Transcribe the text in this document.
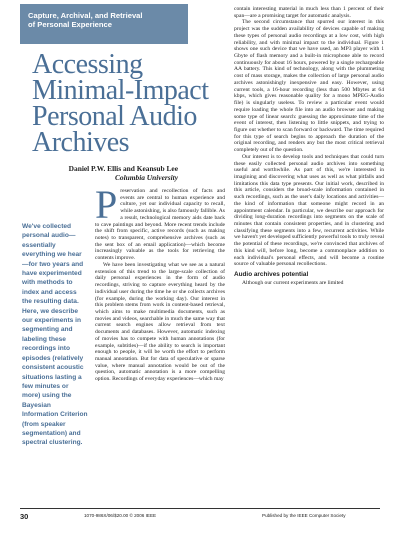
Capture, Archival, and Retrieval
of Personal Experience
Accessing
Minimal-Impact
Personal Audio
Archives
Daniel P.W. Ellis and Keansub Lee
Columbia University
We've collected personal audio—essentially everything we hear—for two years and have experimented with methods to index and access the resulting data. Here, we describe our experiments in segmenting and labeling these recordings into episodes (relatively consistent acoustic situations lasting a few minutes or more) using the Bayesian Information Criterion (from speaker segmentation) and spectral clustering.

Preservation and recollection of facts and events are central to human experience and culture, yet our individual capacity to recall, while astonishing, is also famously fallible. As a result, technological memory aids date back to cave paintings and beyond. More recent trends include the shift from specific, active records (such as making notes) to transparent, comprehensive archives (such as the sent box of an email application)—which become increasingly valuable as the tools for retrieving the contents improve.

We have been investigating what we see as a natural extension of this trend to the large-scale collection of daily personal experiences in the form of audio recordings, striving to capture everything heard by the individual user during the time he or she collects archives (for example, during the working day). Our interest in this problem stems from work in content-based retrieval, which aims to make multimedia documents, such as movies and videos, searchable in much the same way that current search engines allow retrieval from text documents and databases. However, automatic indexing of movies has to compete with human annotations (for example, subtitles)—if the ability to search is important enough to people, it will be worth the effort to perform manual annotation. But for data of speculative or sparse value, where manual annotation would be out of the question, automatic annotation is a more compelling option. Recordings of everyday experiences—which may

contain interesting material in much less than 1 percent of their span—are a promising target for automatic analysis.

The second circumstance that spurred our interest in this project was the sudden availability of devices capable of making these types of personal audio recordings at a low cost, with high reliability, and with minimal impact to the individual. Figure 1 shows one such device that we have used, an MP3 player with 1 Gbyte of flash memory and a built-in microphone able to record continuously for about 16 hours, powered by a single rechargeable AA battery. This kind of technology, along with the plummeting cost of mass storage, makes the collection of large personal audio archives astonishingly inexpensive and easy. However, using current tools, a 16-hour recording (less than 500 Mbytes at 64 kbps, which gives reasonable quality for a mono MPEG-Audio file) is singularly useless. To review a particular event would require loading the whole file into an audio browser and making some type of linear search: guessing the approximate time of the event of interest, then listening to little snippets, and trying to figure out whether to scan forward or backward. The time required for this type of search begins to approach the duration of the original recording, and renders any but the most critical retrieval completely out of the question.

Our interest is to develop tools and techniques that could turn these easily collected personal audio archives into something useful and worthwhile. As part of this, we're interested in imagining and discovering what uses as well as what pitfalls and limitations this data type presents. Our initial work, described in this article, considers the broad-scale information contained in such recordings, such as the user's daily locations and activities—the kind of information that someone might record in an appointment calendar. In particular, we describe our approach for dividing long-duration recordings into segments on the scale of minutes that contain consistent properties, and in clustering and classifying these segments into a few, recurrent activities. While we haven't yet developed sufficiently powerful tools to truly reveal the potential of these recordings, we're convinced that archives of this kind will, before long, become a commonplace addition to each individual's personal effects, and will become a routine source of valuable personal recollections.

Audio archives potential

Although our current experiments are limited

30	1070-986X/06/$20.00 © 2006 IEEE	Published by the IEEE Computer Society
